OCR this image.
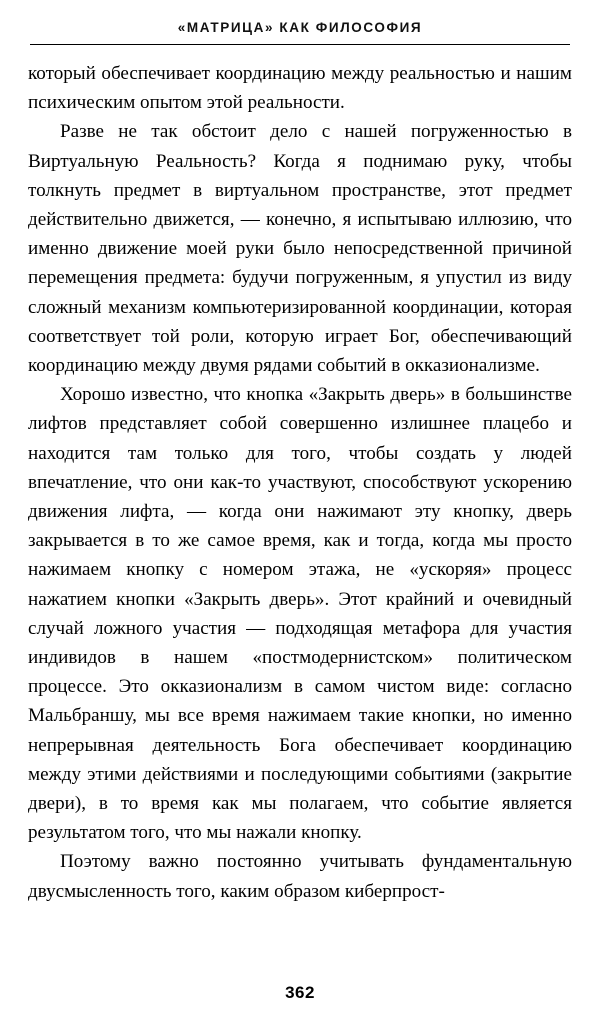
«МАТРИЦА» КАК ФИЛОСОФИЯ

который обеспечивает координацию между реальностью и нашим психическим опытом этой реальности.

Разве не так обстоит дело с нашей погруженностью в Виртуальную Реальность? Когда я поднимаю руку, чтобы толкнуть предмет в виртуальном пространстве, этот предмет действительно движется, — конечно, я испытываю иллюзию, что именно движение моей руки было непосредственной причиной перемещения предмета: будучи погруженным, я упустил из виду сложный механизм компьютеризированной координации, которая соответствует той роли, которую играет Бог, обеспечивающий координацию между двумя рядами событий в окказионализме.

Хорошо известно, что кнопка «Закрыть дверь» в большинстве лифтов представляет собой совершенно излишнее плацебо и находится там только для того, чтобы создать у людей впечатление, что они как-то участвуют, способствуют ускорению движения лифта, — когда они нажимают эту кнопку, дверь закрывается в то же самое время, как и тогда, когда мы просто нажимаем кнопку с номером этажа, не «ускоряя» процесс нажатием кнопки «Закрыть дверь». Этот крайний и очевидный случай ложного участия — подходящая метафора для участия индивидов в нашем «постмодернистском» политическом процессе. Это окказионализм в самом чистом виде: согласно Мальбраншу, мы все время нажимаем такие кнопки, но именно непрерывная деятельность Бога обеспечивает координацию между этими действиями и последующими событиями (закрытие двери), в то время как мы полагаем, что событие является результатом того, что мы нажали кнопку.

Поэтому важно постоянно учитывать фундаментальную двусмысленность того, каким образом киберпрост-

362
